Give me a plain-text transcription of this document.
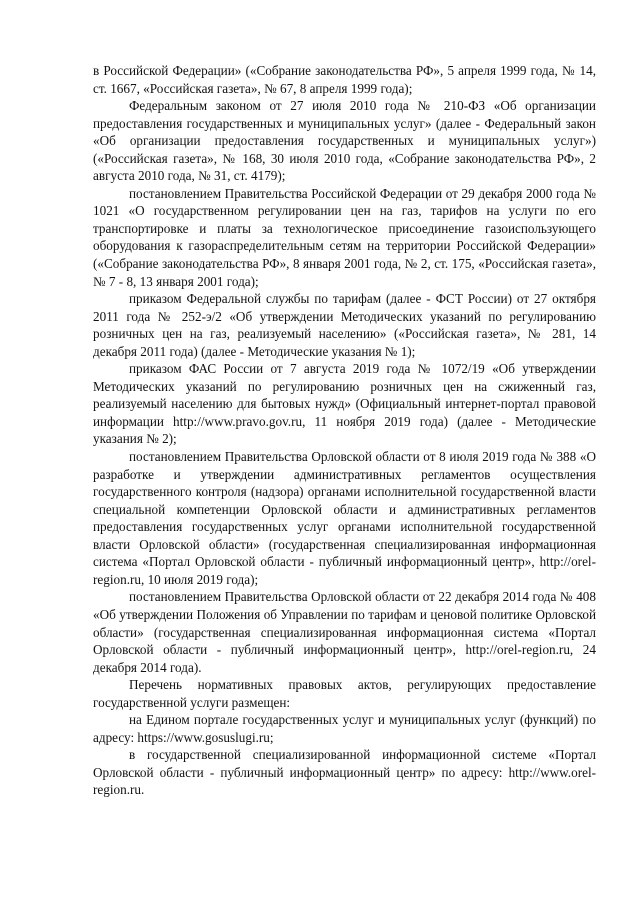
в Российской Федерации» («Собрание законодательства РФ», 5 апреля 1999 года, № 14, ст. 1667, «Российская газета», № 67, 8 апреля 1999 года);

Федеральным законом от 27 июля 2010 года № 210-ФЗ «Об организации предоставления государственных и муниципальных услуг» (далее - Федеральный закон «Об организации предоставления государственных и муниципальных услуг») («Российская газета», № 168, 30 июля 2010 года, «Собрание законодательства РФ», 2 августа 2010 года, № 31, ст. 4179);

постановлением Правительства Российской Федерации от 29 декабря 2000 года № 1021 «О государственном регулировании цен на газ, тарифов на услуги по его транспортировке и платы за технологическое присоединение газоиспользующего оборудования к газораспределительным сетям на территории Российской Федерации» («Собрание законодательства РФ», 8 января 2001 года, № 2, ст. 175, «Российская газета», № 7 - 8, 13 января 2001 года);

приказом Федеральной службы по тарифам (далее - ФСТ России) от 27 октября 2011 года № 252-э/2 «Об утверждении Методических указаний по регулированию розничных цен на газ, реализуемый населению» («Российская газета», № 281, 14 декабря 2011 года) (далее - Методические указания № 1);

приказом ФАС России от 7 августа 2019 года № 1072/19 «Об утверждении Методических указаний по регулированию розничных цен на сжиженный газ, реализуемый населению для бытовых нужд» (Официальный интернет-портал правовой информации http://www.pravo.gov.ru, 11 ноября 2019 года) (далее - Методические указания № 2);

постановлением Правительства Орловской области от 8 июля 2019 года № 388 «О разработке и утверждении административных регламентов осуществления государственного контроля (надзора) органами исполнительной государственной власти специальной компетенции Орловской области и административных регламентов предоставления государственных услуг органами исполнительной государственной власти Орловской области» (государственная специализированная информационная система «Портал Орловской области - публичный информационный центр», http://orel-region.ru, 10 июля 2019 года);

постановлением Правительства Орловской области от 22 декабря 2014 года № 408 «Об утверждении Положения об Управлении по тарифам и ценовой политике Орловской области» (государственная специализированная информационная система «Портал Орловской области - публичный информационный центр», http://orel-region.ru, 24 декабря 2014 года).

Перечень нормативных правовых актов, регулирующих предоставление государственной услуги размещен:

на Едином портале государственных услуг и муниципальных услуг (функций) по адресу: https://www.gosuslugi.ru;

в государственной специализированной информационной системе «Портал Орловской области - публичный информационный центр» по адресу: http://www.orel-region.ru.
